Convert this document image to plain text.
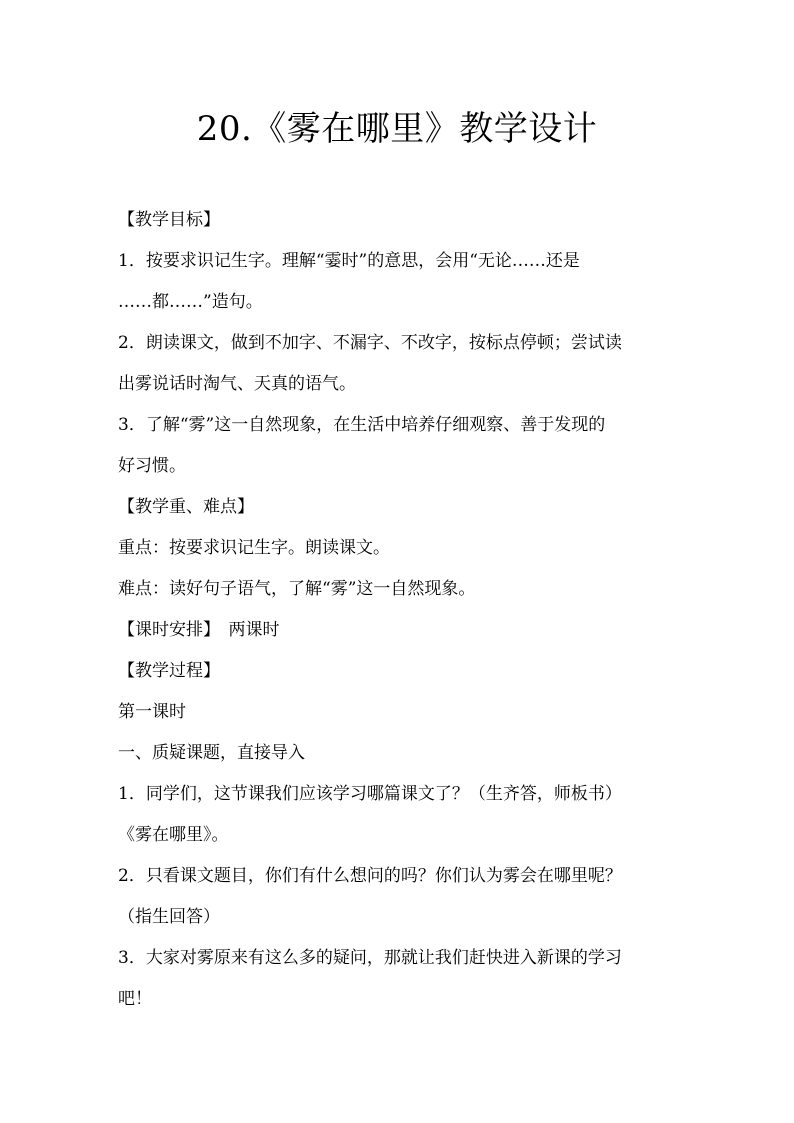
20.《雾在哪里》教学设计
【教学目标】
1．按要求识记生字。理解“霎时”的意思，会用“无论……还是
……都……”造句。
2．朗读课文，做到不加字、不漏字、不改字，按标点停顿；尝试读
出雾说话时淘气、天真的语气。
3．了解“雾”这一自然现象，在生活中培养仔细观察、善于发现的
好习惯。
【教学重、难点】
重点：按要求识记生字。朗读课文。
难点：读好句子语气，了解“雾”这一自然现象。
【课时安排】　两课时
【教学过程】
第一课时
一、质疑课题，直接导入
1．同学们，这节课我们应该学习哪篇课文了？（生齐答，师板书）
《雾在哪里》。
2．只看课文题目，你们有什么想问的吗？你们认为雾会在哪里呢？
（指生回答）
3．大家对雾原来有这么多的疑问，那就让我们赶快进入新课的学习
吧！
